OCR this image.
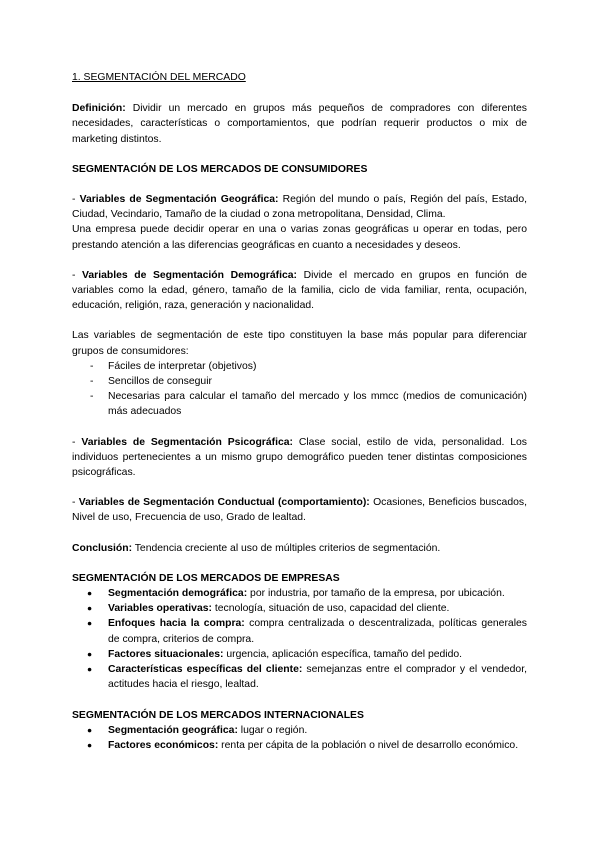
1. SEGMENTACIÓN DEL MERCADO

Definición: Dividir un mercado en grupos más pequeños de compradores con diferentes necesidades, características o comportamientos, que podrían requerir productos o mix de marketing distintos.

SEGMENTACIÓN DE LOS MERCADOS DE CONSUMIDORES

- Variables de Segmentación Geográfica: Región del mundo o país, Región del país, Estado, Ciudad, Vecindario, Tamaño de la ciudad o zona metropolitana, Densidad, Clima.

Una empresa puede decidir operar en una o varias zonas geográficas u operar en todas, pero prestando atención a las diferencias geográficas en cuanto a necesidades y deseos.

- Variables de Segmentación Demográfica: Divide el mercado en grupos en función de variables como la edad, género, tamaño de la familia, ciclo de vida familiar, renta, ocupación, educación, religión, raza, generación y nacionalidad.

Las variables de segmentación de este tipo constituyen la base más popular para diferenciar grupos de consumidores:

- Fáciles de interpretar (objetivos)
- Sencillos de conseguir
- Necesarias para calcular el tamaño del mercado y los mmcc (medios de comunicación) más adecuados

- Variables de Segmentación Psicográfica: Clase social, estilo de vida, personalidad. Los individuos pertenecientes a un mismo grupo demográfico pueden tener distintas composiciones psicográficas.

- Variables de Segmentación Conductual (comportamiento): Ocasiones, Beneficios buscados, Nivel de uso, Frecuencia de uso, Grado de lealtad.

Conclusión: Tendencia creciente al uso de múltiples criterios de segmentación.

SEGMENTACIÓN DE LOS MERCADOS DE EMPRESAS

● Segmentación demográfica: por industria, por tamaño de la empresa, por ubicación.
● Variables operativas: tecnología, situación de uso, capacidad del cliente.
● Enfoques hacia la compra: compra centralizada o descentralizada, políticas generales de compra, criterios de compra.
● Factores situacionales: urgencia, aplicación específica, tamaño del pedido.
● Características específicas del cliente: semejanzas entre el comprador y el vendedor, actitudes hacia el riesgo, lealtad.

SEGMENTACIÓN DE LOS MERCADOS INTERNACIONALES

● Segmentación geográfica: lugar o región.
● Factores económicos: renta per cápita de la población o nivel de desarrollo económico.
